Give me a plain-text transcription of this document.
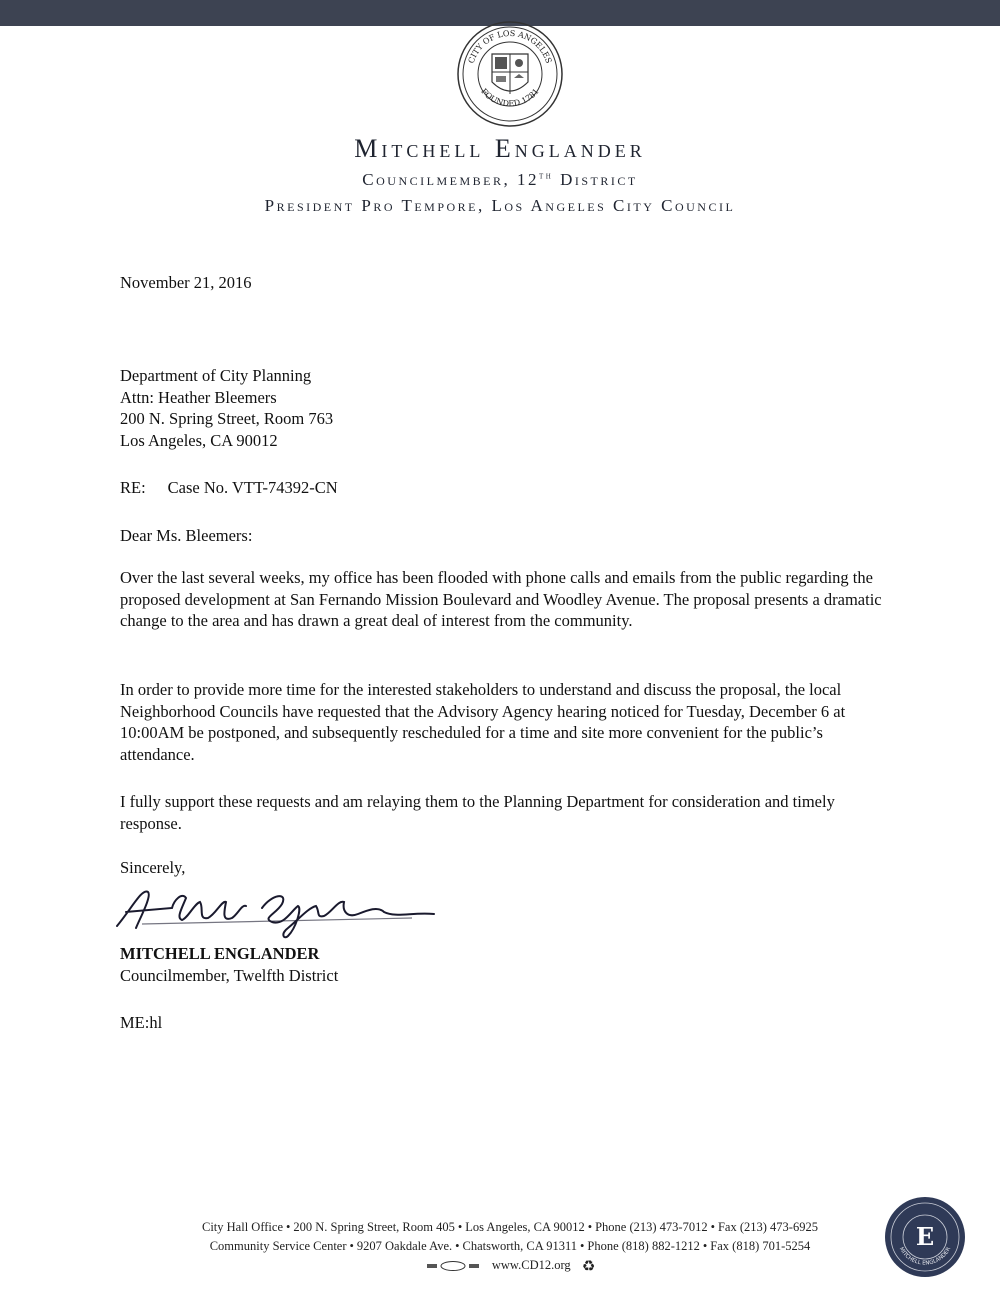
CITY OF LOS ANGELES
FOUNDED 1781
Mitchell Englander
Councilmember, 12th District
President Pro Tempore, Los Angeles City Council

November 21, 2016

Department of City Planning

Attn: Heather Bleemers

200 N. Spring Street, Room 763

Los Angeles, CA 90012

RE: Case No. VTT-74392-CN

Dear Ms. Bleemers:

Over the last several weeks, my office has been flooded with phone calls and emails from the public regarding the proposed development at San Fernando Mission Boulevard and Woodley Avenue. The proposal presents a dramatic change to the area and has drawn a great deal of interest from the community.

In order to provide more time for the interested stakeholders to understand and discuss the proposal, the local Neighborhood Councils have requested that the Advisory Agency hearing noticed for Tuesday, December 6 at 10:00AM be postponed, and subsequently rescheduled for a time and site more convenient for the public’s attendance.

I fully support these requests and am relaying them to the Planning Department for consideration and timely response.

Sincerely,

MITCHELL ENGLANDER

Councilmember, Twelfth District

ME:hl

City Hall Office • 200 N. Spring Street, Room 405 • Los Angeles, CA 90012 • Phone (213) 473-7012 • Fax (213) 473-6925
Community Service Center • 9207 Oakdale Ave. • Chatsworth, CA 91311 • Phone (818) 882-1212 • Fax (818) 701-5254
www.CD12.org ♻
E
MITCHELL ENGLANDER
